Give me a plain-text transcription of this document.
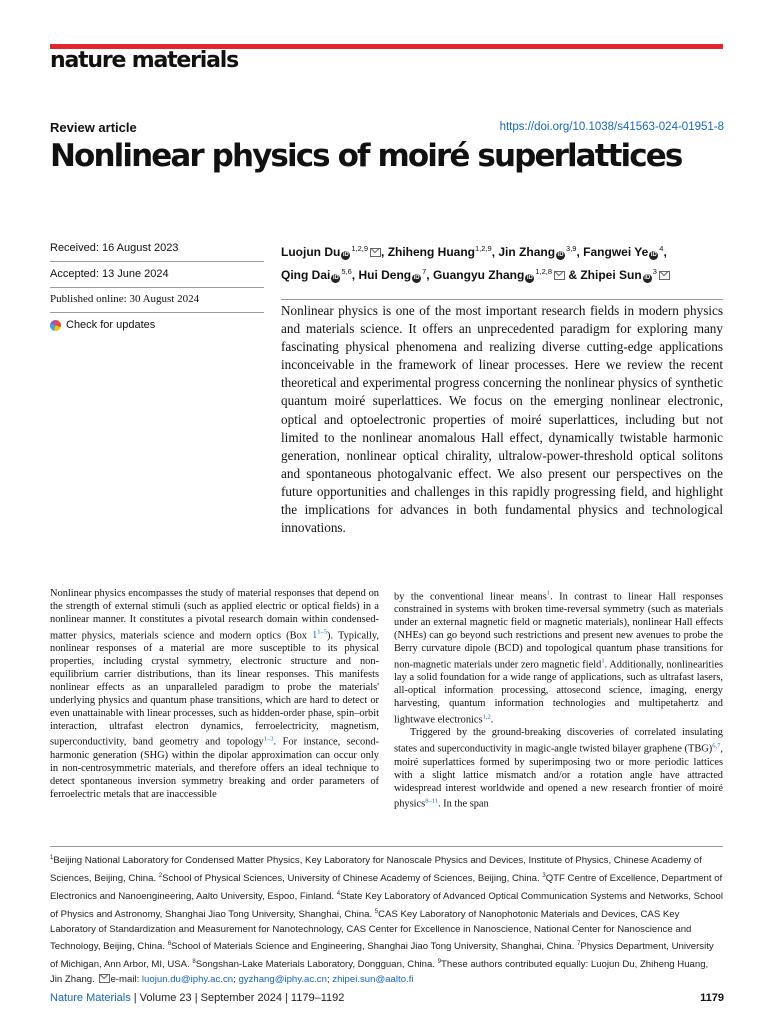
nature materials
Review article	https://doi.org/10.1038/s41563-024-01951-8
Nonlinear physics of moiré superlattices
Received: 16 August 2023
Accepted: 13 June 2024
Published online: 30 August 2024
Check for updates
Luojun Du iD$^{1,2,9}$ , Zhiheng Huang$^{1,2,9}$, Jin Zhang iD$^{3,9}$, Fangwei Ye $iD^4$,
Qing Dai iD$^{5,6}$, Hui Deng $iD^7$, Guangyu Zhang iD$^{1,2,8}$ & Zhipei Sun $iD^3$
Nonlinear physics is one of the most important research fields in modern physics and materials science. It offers an unprecedented paradigm for exploring many fascinating physical phenomena and realizing diverse cutting-edge applications inconceivable in the framework of linear processes. Here we review the recent theoretical and experimental progress concerning the nonlinear physics of synthetic quantum moiré superlattices. We focus on the emerging nonlinear electronic, optical and optoelectronic properties of moiré superlattices, including but not limited to the nonlinear anomalous Hall effect, dynamically twistable harmonic generation, nonlinear optical chirality, ultralow-power-threshold optical solitons and spontaneous photogalvanic effect. We also present our perspectives on the future opportunities and challenges in this rapidly progressing field, and highlight the implications for advances in both fundamental physics and technological innovations.

Nonlinear physics encompasses the study of material responses that depend on the strength of external stimuli (such as applied electric or optical fields) in a nonlinear manner. It constitutes a pivotal research domain within condensed-matter physics, materials science and modern optics (Box 1$^{1-5}$). Typically, nonlinear responses of a material are more susceptible to its physical properties, including crystal symmetry, electronic structure and non-equilibrium carrier distributions, than its linear responses. This manifests nonlinear effects as an unparalleled paradigm to probe the materials' underlying physics and quantum phase transitions, which are hard to detect or even unattainable with linear processes, such as hidden-order phase, spin–orbit interaction, ultrafast electron dynamics, ferroelectricity, magnetism, superconductivity, band geometry and topology$^{1-3}$. For instance, second-harmonic generation (SHG) within the dipolar approximation can occur only in non-centrosymmetric materials, and therefore offers an ideal technique to detect spontaneous inversion symmetry breaking and order parameters of ferroelectric metals that are inaccessible

by the conventional linear means$^1$. In contrast to linear Hall responses constrained in systems with broken time-reversal symmetry (such as materials under an external magnetic field or magnetic materials), nonlinear Hall effects (NHEs) can go beyond such restrictions and present new avenues to probe the Berry curvature dipole (BCD) and topological quantum phase transitions for non-magnetic materials under zero magnetic field$^1$. Additionally, nonlinearities lay a solid foundation for a wide range of applications, such as ultrafast lasers, all-optical information processing, attosecond science, imaging, energy harvesting, quantum information technologies and multipetahertz and lightwave electronics$^{1,2}$.

Triggered by the ground-breaking discoveries of correlated insulating states and superconductivity in magic-angle twisted bilayer graphene (TBG)$^{6,7}$, moiré superlattices formed by superimposing two or more periodic lattices with a slight lattice mismatch and/or a rotation angle have attracted widespread interest worldwide and opened a new research frontier of moiré physics$^{8-11}$. In the span

$^1$Beijing National Laboratory for Condensed Matter Physics, Key Laboratory for Nanoscale Physics and Devices, Institute of Physics, Chinese Academy of Sciences, Beijing, China. $^2$School of Physical Sciences, University of Chinese Academy of Sciences, Beijing, China. $^3$QTF Centre of Excellence, Department of Electronics and Nanoengineering, Aalto University, Espoo, Finland. $^4$State Key Laboratory of Advanced Optical Communication Systems and Networks, School of Physics and Astronomy, Shanghai Jiao Tong University, Shanghai, China. $^5$CAS Key Laboratory of Nanophotonic Materials and Devices, CAS Key Laboratory of Standardization and Measurement for Nanotechnology, CAS Center for Excellence in Nanoscience, National Center for Nanoscience and Technology, Beijing, China. $^6$School of Materials Science and Engineering, Shanghai Jiao Tong University, Shanghai, China. $^7$Physics Department, University of Michigan, Ann Arbor, MI, USA. $^8$Songshan-Lake Materials Laboratory, Dongguan, China. $^9$These authors contributed equally: Luojun Du, Zhiheng Huang, Jin Zhang. e-mail: luojun.du@iphy.ac.cn; gyzhang@iphy.ac.cn; zhipei.sun@aalto.fi
Nature Materials | Volume 23 | September 2024 | 1179–1192	1179
